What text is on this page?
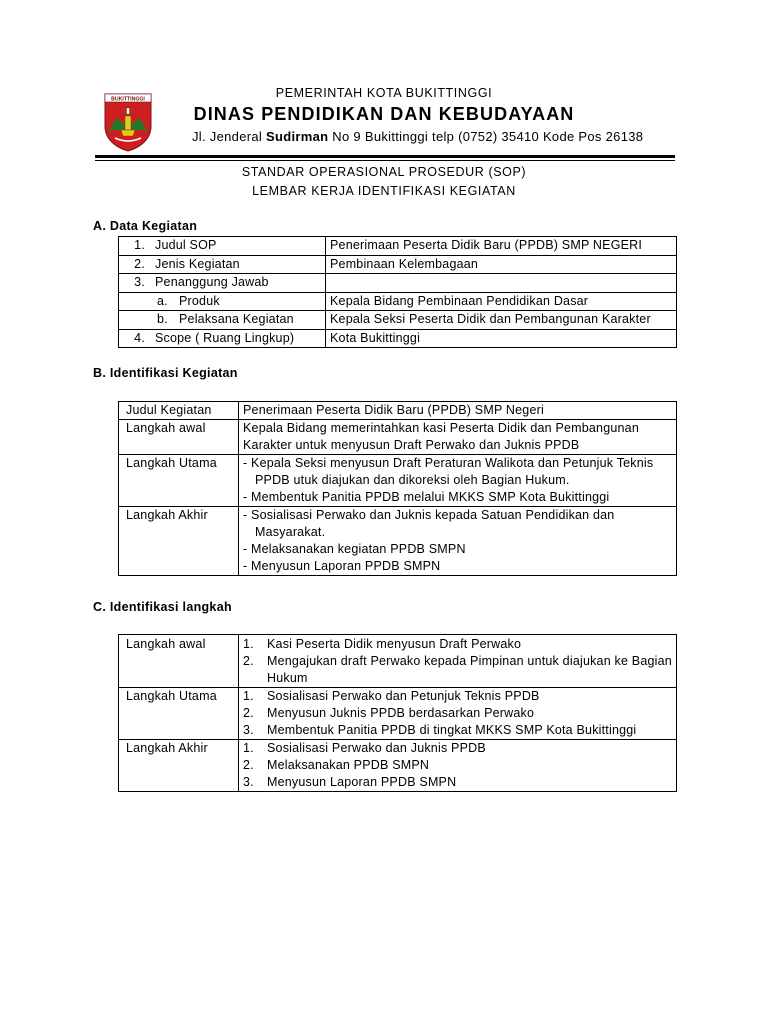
BUKITTINGGI	PEMERINTAH KOTA BUKITTINGGI
DINAS PENDIDIKAN DAN KEBUDAYAAN
Jl. Jenderal Sudirman No 9 Bukittinggi telp (0752) 35410 Kode Pos 26138
STANDAR OPERASIONAL PROSEDUR (SOP)
LEMBAR KERJA IDENTIFIKASI KEGIATAN
A. Data Kegiatan
1. Judul SOP	Penerimaan Peserta Didik Baru (PPDB) SMP NEGERI
2. Jenis Kegiatan	Pembinaan Kelembagaan
3. Penanggung Jawab	
a. Produk	Kepala Bidang Pembinaan Pendidikan Dasar
b. Pelaksana Kegiatan	Kepala Seksi Peserta Didik dan Pembangunan Karakter
4. Scope ( Ruang Lingkup)	Kota Bukittinggi
B. Identifikasi Kegiatan
Judul Kegiatan	Penerimaan Peserta Didik Baru (PPDB) SMP Negeri

Langkah awal	Kepala Bidang memerintahkan kasi Peserta Didik dan Pembangunan Karakter untuk menyusun Draft Perwako dan Juknis PPDB

Langkah Utama	- Kepala Seksi menyusun Draft Peraturan Walikota dan Petunjuk Teknis PPDB utuk diajukan dan dikoreksi oleh Bagian Hukum.
- Membentuk Panitia PPDB melalui MKKS SMP Kota Bukittinggi

Langkah Akhir	- Sosialisasi Perwako dan Juknis kepada Satuan Pendidikan dan Masyarakat.
- Melaksanakan kegiatan PPDB SMPN
- Menyusun Laporan PPDB SMPN
C. Identifikasi langkah
Langkah awal	1. Kasi Peserta Didik menyusun Draft Perwako
2. Mengajukan draft Perwako kepada Pimpinan untuk diajukan ke Bagian Hukum

Langkah Utama	1. Sosialisasi Perwako dan Petunjuk Teknis PPDB
2. Menyusun Juknis PPDB berdasarkan Perwako
3. Membentuk Panitia PPDB di tingkat MKKS SMP Kota Bukittinggi

Langkah Akhir	1. Sosialisasi Perwako dan Juknis PPDB
2. Melaksanakan PPDB SMPN
3. Menyusun Laporan PPDB SMPN
